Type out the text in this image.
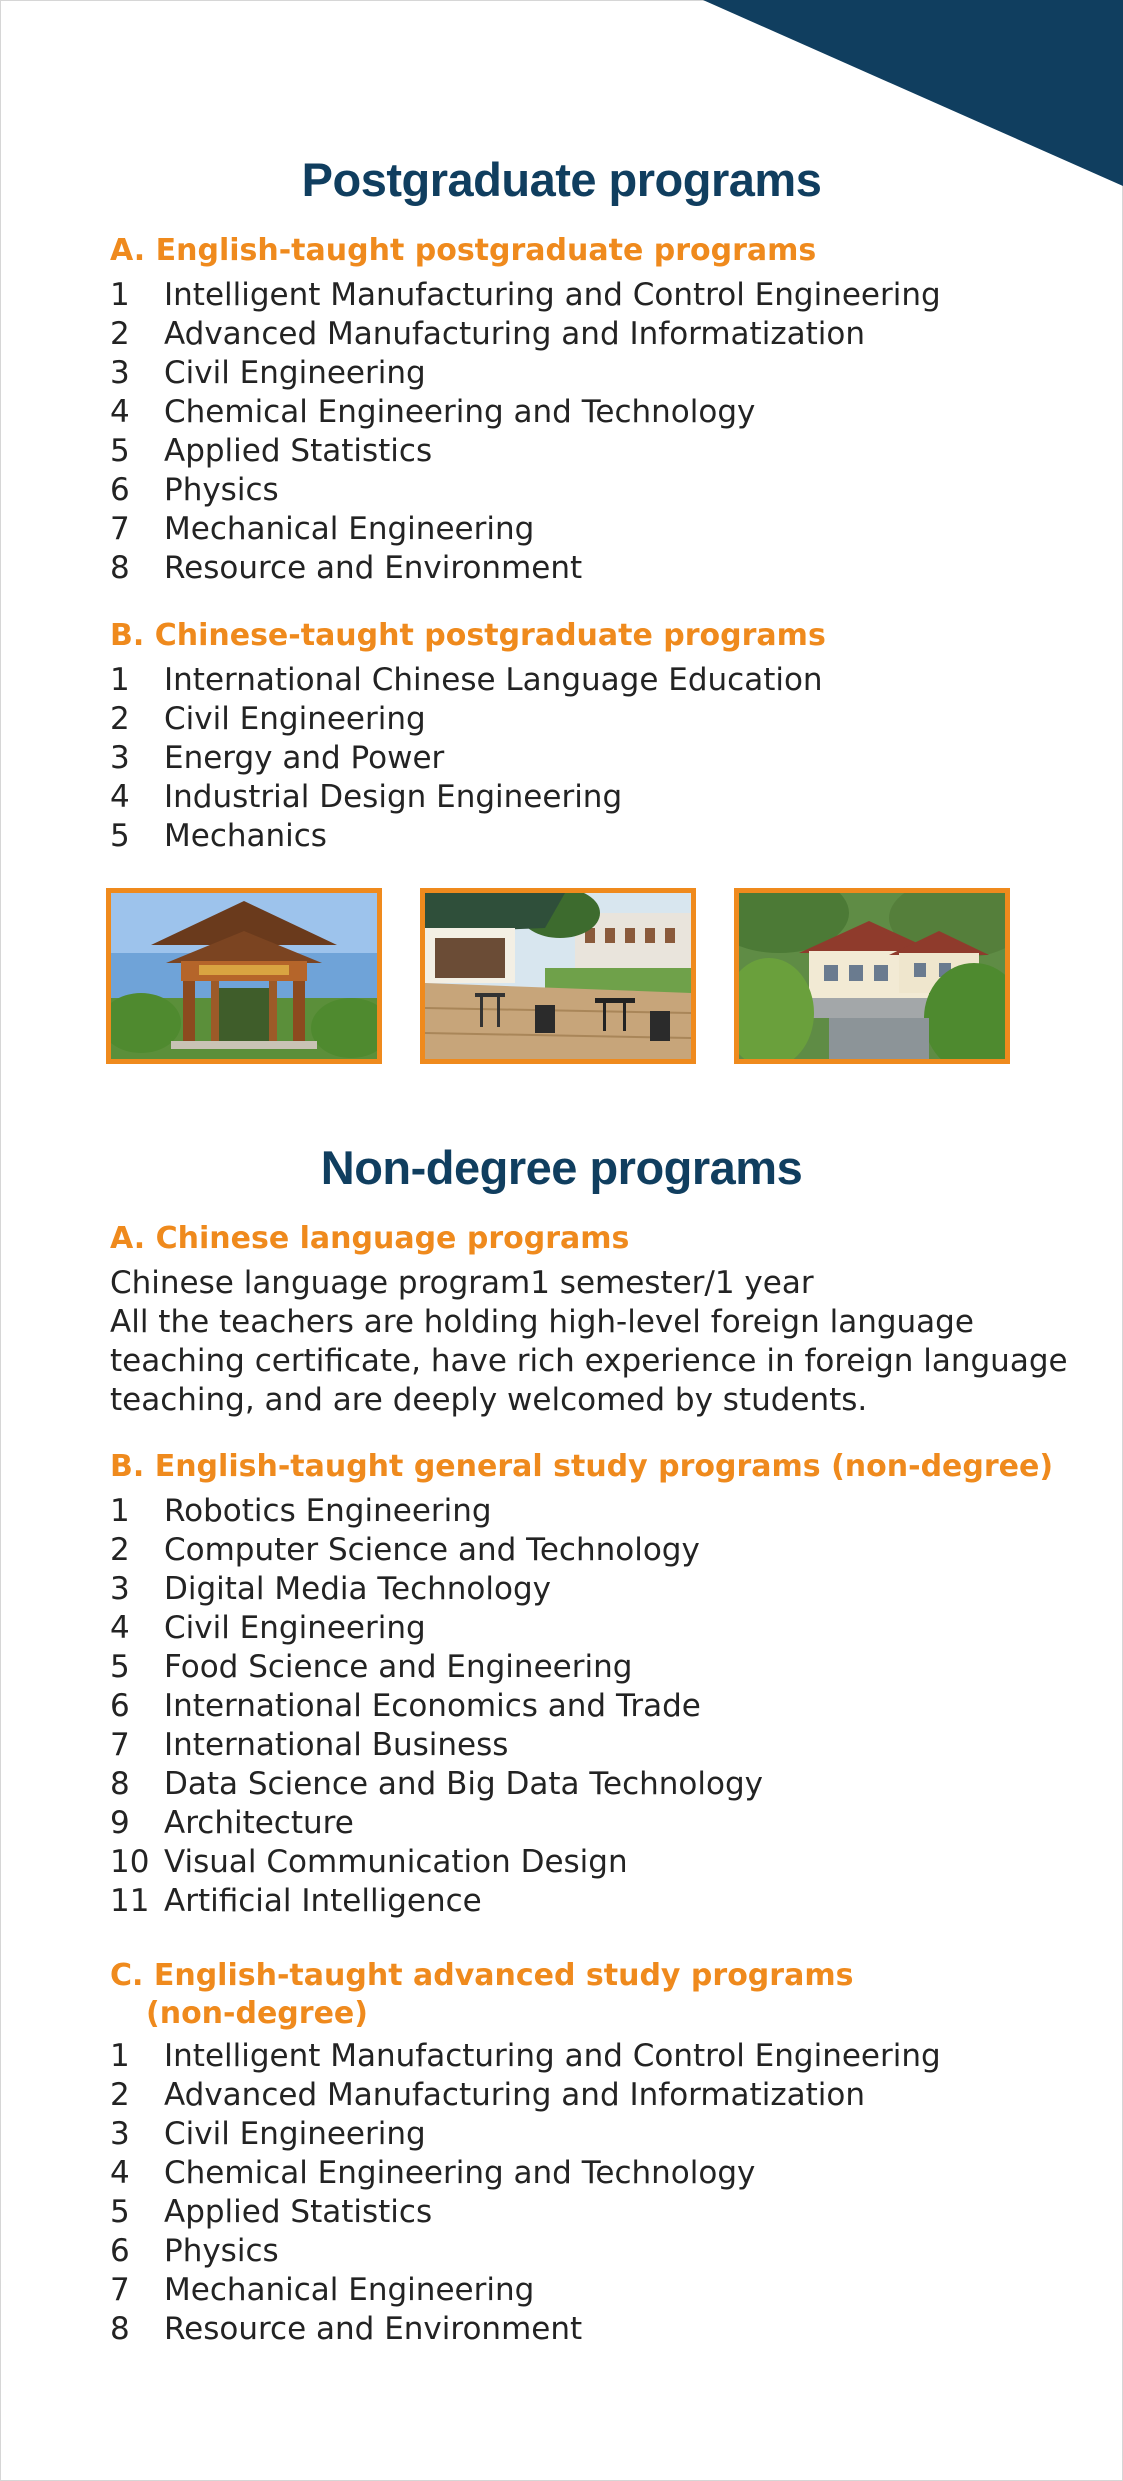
Postgraduate programs
A. English-taught postgraduate programs
1 Intelligent Manufacturing and Control Engineering
2 Advanced Manufacturing and Informatization
3 Civil Engineering
4 Chemical Engineering and Technology
5 Applied Statistics
6 Physics
7 Mechanical Engineering
8 Resource and Environment
B. Chinese-taught postgraduate programs
1 International Chinese Language Education
2 Civil Engineering
3 Energy and Power
4 Industrial Design Engineering
5 Mechanics
Non-degree programs
A. Chinese language programs

Chinese language program1 semester/1 year
All the teachers are holding high-level foreign language
teaching certificate, have rich experience in foreign language
teaching, and are deeply welcomed by students.

B. English-taught general study programs (non-degree)
1 Robotics Engineering
2 Computer Science and Technology
3 Digital Media Technology
4 Civil Engineering
5 Food Science and Engineering
6 International Economics and Trade
7 International Business
8 Data Science and Big Data Technology
9 Architecture
10 Visual Communication Design
11 Artificial Intelligence
C. English-taught advanced study programs
(non-degree)
1 Intelligent Manufacturing and Control Engineering
2 Advanced Manufacturing and Informatization
3 Civil Engineering
4 Chemical Engineering and Technology
5 Applied Statistics
6 Physics
7 Mechanical Engineering
8 Resource and Environment
